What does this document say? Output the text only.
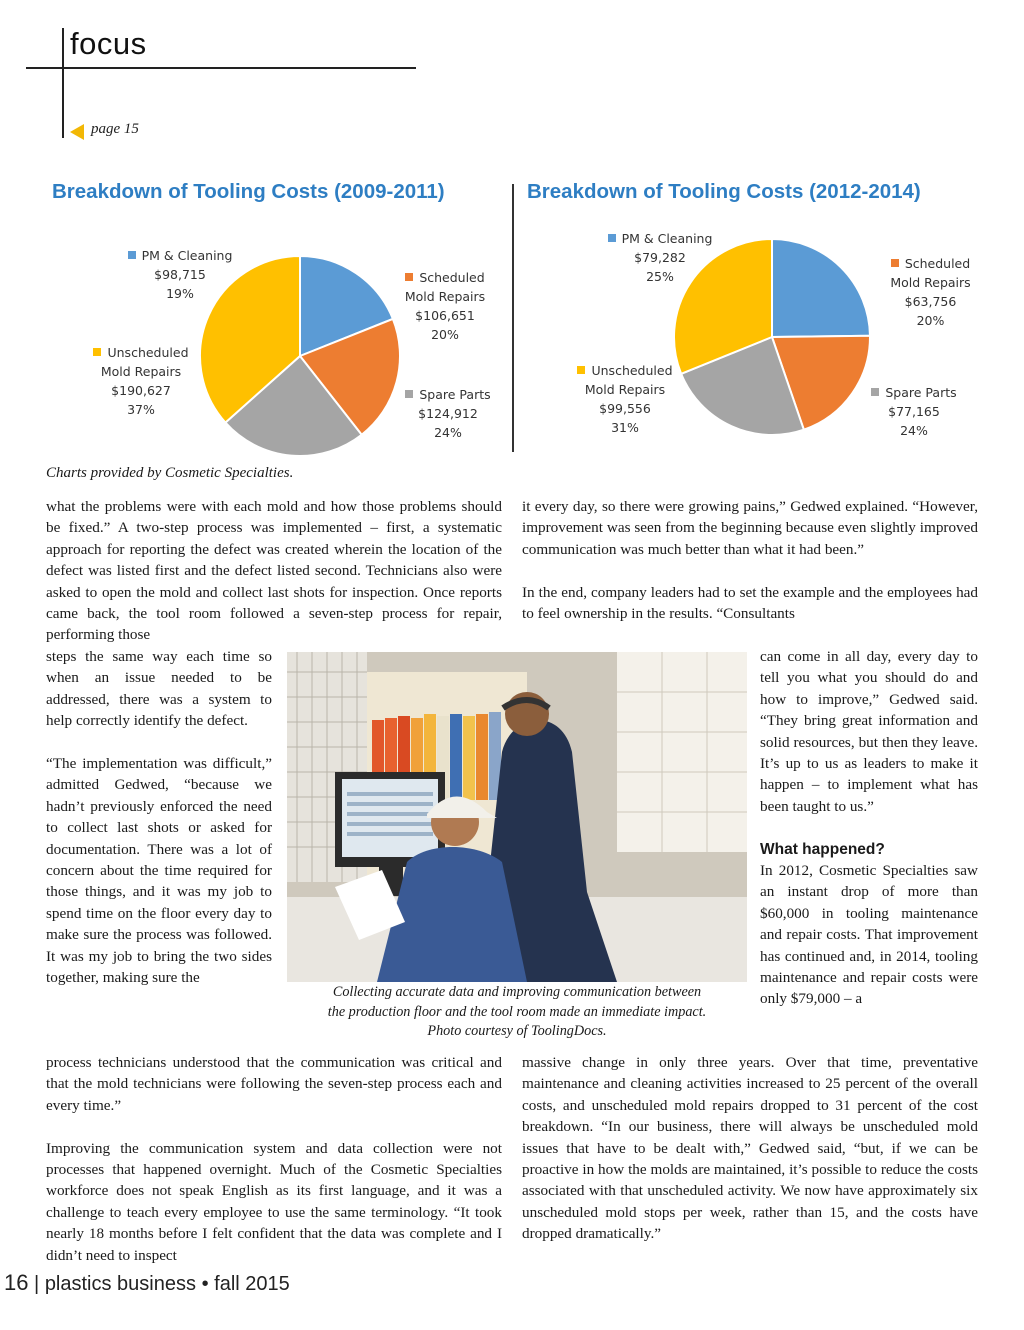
focus
page 15
Breakdown of Tooling Costs (2009-2011)
PM & Cleaning
$98,715
19%
Scheduled
Mold Repairs
$106,651
20%
Unscheduled
Mold Repairs
$190,627
37%
Spare Parts
$124,912
24%
Breakdown of Tooling Costs (2012-2014)
PM & Cleaning
$79,282
25%
Scheduled
Mold Repairs
$63,756
20%
Unscheduled
Mold Repairs
$99,556
31%
Spare Parts
$77,165
24%
Charts provided by Cosmetic Specialties.

what the problems were with each mold and how those problems should be fixed.” A two-step process was implemented – first, a systematic approach for reporting the defect was created wherein the location of the defect was listed first and the defect listed second. Technicians also were asked to open the mold and collect last shots for inspection. Once reports came back, the tool room followed a seven-step process for repair, performing those

steps the same way each time so when an issue needed to be addressed, there was a system to help correctly identify the defect.

“The implementation was difficult,” admitted Gedwed, “because we hadn’t previously enforced the need to collect last shots or asked for documentation. There was a lot of concern about the time required for those things, and it was my job to spend time on the floor every day to make sure the process was followed. It was my job to bring the two sides together, making sure the

process technicians understood that the communication was critical and that the mold technicians were following the seven-step process each and every time.”

Improving the communication system and data collection were not processes that happened overnight. Much of the Cosmetic Specialties workforce does not speak English as its first language, and it was a challenge to teach every employee to use the same terminology. “It took nearly 18 months before I felt confident that the data was complete and I didn’t need to inspect

it every day, so there were growing pains,” Gedwed explained. “However, improvement was seen from the beginning because even slightly improved communication was much better than what it had been.”

In the end, company leaders had to set the example and the employees had to feel ownership in the results. “Consultants

can come in all day, every day to tell you what you should do and how to improve,” Gedwed said. “They bring great information and solid resources, but then they leave. It’s up to us as leaders to make it happen – to implement what has been taught to us.”

What happened?

In 2012, Cosmetic Specialties saw an instant drop of more than $60,000 in tooling maintenance and repair costs. That improvement has continued and, in 2014, tooling maintenance and repair costs were only $79,000 – a

massive change in only three years. Over that time, preventative maintenance and cleaning activities increased to 25 percent of the overall costs, and unscheduled mold repairs dropped to 31 percent of the cost breakdown. “In our business, there will always be unscheduled mold issues that have to be dealt with,” Gedwed said, “but, if we can be proactive in how the molds are maintained, it’s possible to reduce the costs associated with that unscheduled activity. We now have approximately six unscheduled mold stops per week, rather than 15, and the costs have dropped dramatically.”

Collecting accurate data and improving communication between
the production floor and the tool room made an immediate impact.
Photo courtesy of ToolingDocs.
16 | plastics business • fall 2015
